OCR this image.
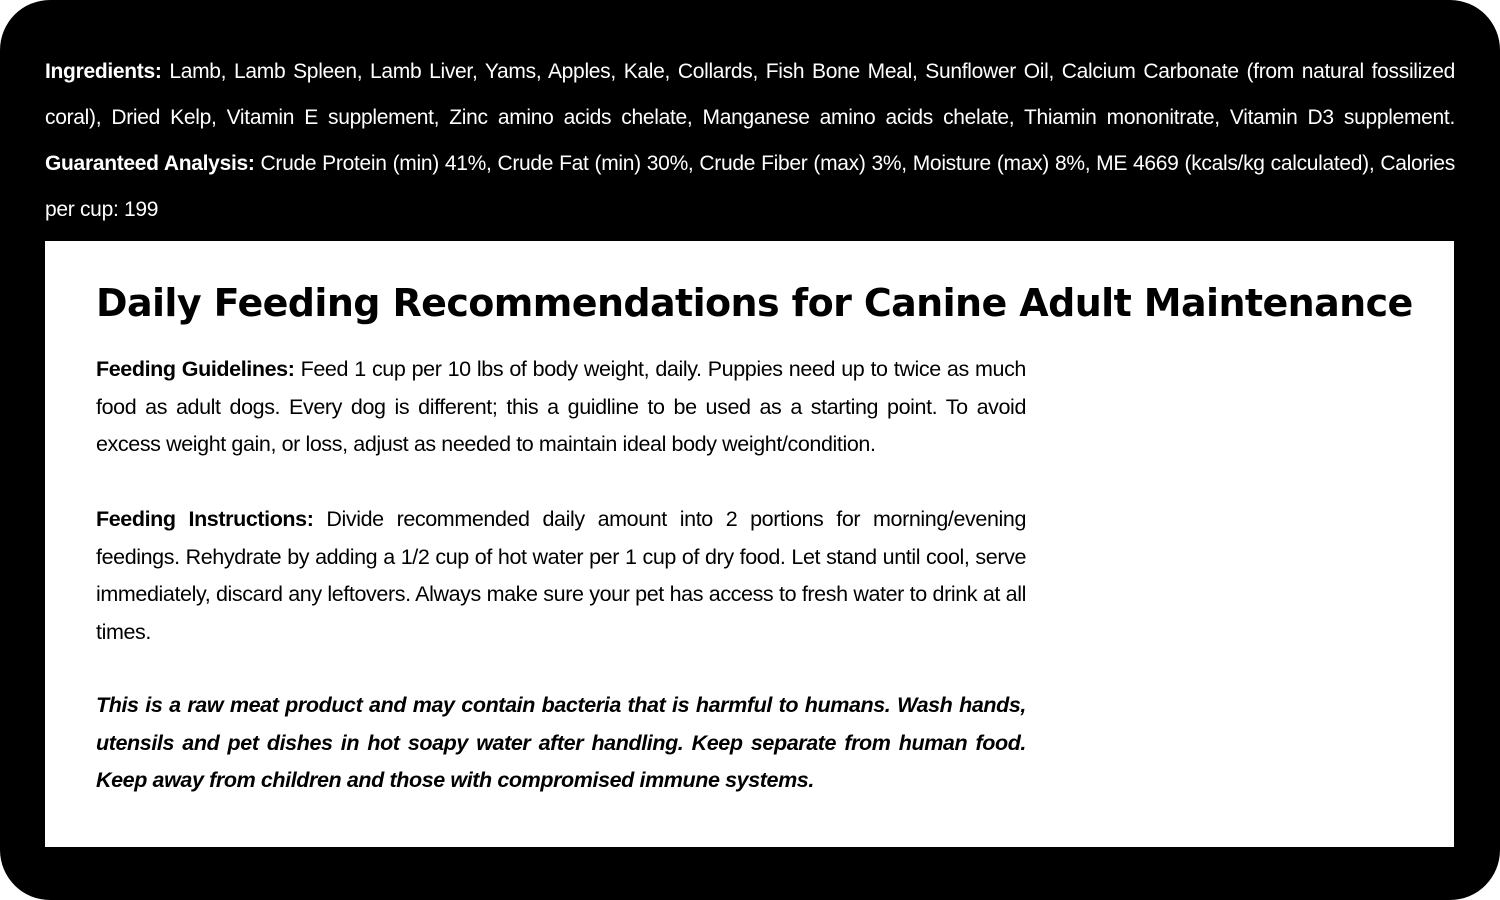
Ingredients: Lamb, Lamb Spleen, Lamb Liver, Yams, Apples, Kale, Collards, Fish Bone Meal, Sunflower Oil, Calcium Carbonate (from natural fossilized coral), Dried Kelp, Vitamin E supplement, Zinc amino acids chelate, Manganese amino acids chelate, Thiamin mononitrate, Vitamin D3 supplement. Guaranteed Analysis: Crude Protein (min) 41%, Crude Fat (min) 30%, Crude Fiber (max) 3%, Moisture (max) 8%, ME 4669 (kcals/kg calculated), Calories per cup: 199

Daily Feeding Recommendations for Canine Adult Maintenance

Feeding Guidelines: Feed 1 cup per 10 lbs of body weight, daily. Puppies need up to twice as much food as adult dogs. Every dog is different; this a guidline to be used as a starting point. To avoid excess weight gain, or loss, adjust as needed to maintain ideal body weight/condition.

Feeding Instructions: Divide recommended daily amount into 2 portions for morning/evening feedings. Rehydrate by adding a 1/2 cup of hot water per 1 cup of dry food. Let stand until cool, serve immediately, discard any leftovers. Always make sure your pet has access to fresh water to drink at all times.

This is a raw meat product and may contain bacteria that is harmful to humans. Wash hands, utensils and pet dishes in hot soapy water after handling. Keep separate from human food. Keep away from children and those with compromised immune systems.
